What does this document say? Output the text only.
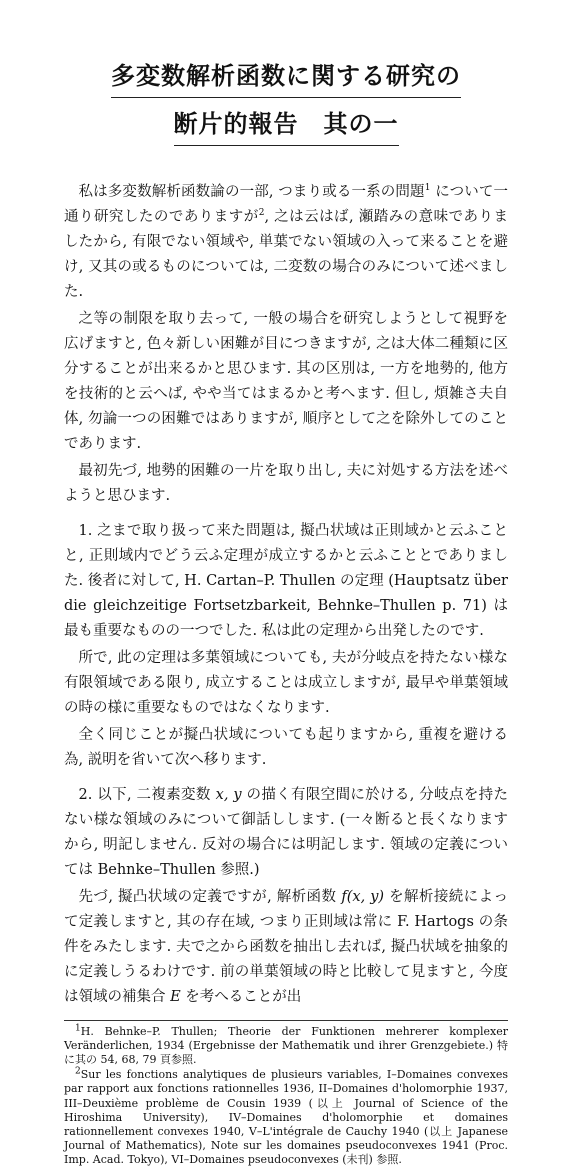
多変数解析函数に関する研究の
断片的報告　其の一

私は多変数解析函数論の一部, つまり或る一系の問題$^1$ について一通り研究したのでありますが$^2$, 之は云はば, 瀬踏みの意味でありましたから, 有限でない領域や, 単葉でない領域の入って来ることを避け, 又其の或るものについては, 二変数の場合のみについて述べました.

之等の制限を取り去って, 一般の場合を研究しようとして視野を広げますと, 色々新しい困難が目につきますが, 之は大体二種類に区分することが出来るかと思ひます. 其の区別は, 一方を地勢的, 他方を技術的と云へば, やや当てはまるかと考へます. 但し, 煩雑さ夫自体, 勿論一つの困難ではありますが, 順序として之を除外してのことであります.

最初先づ, 地勢的困難の一片を取り出し, 夫に対処する方法を述べようと思ひます.

1. 之まで取り扱って来た問題は, 擬凸状域は正則域かと云ふことと, 正則域内でどう云ふ定理が成立するかと云ふこととでありました. 後者に対して, H. Cartan–P. Thullen の定理 (Hauptsatz über die gleichzeitige Fortsetzbarkeit, Behnke–Thullen p. 71) は最も重要なものの一つでした. 私は此の定理から出発したのです.

所で, 此の定理は多葉領域についても, 夫が分岐点を持たない様な有限領域である限り, 成立することは成立しますが, 最早や単葉領域の時の様に重要なものではなくなります.

全く同じことが擬凸状域についても起りますから, 重複を避ける為, 説明を省いて次へ移ります.

2. 以下, 二複素変数 x, y の描く有限空間に於ける, 分岐点を持たない様な領域のみについて御話しします. (一々断ると長くなりますから, 明記しません. 反対の場合には明記します. 領域の定義については Behnke–Thullen 参照.)

先づ, 擬凸状域の定義ですが, 解析函数 f(x, y) を解析接続によって定義しますと, 其の存在域, つまり正則域は常に F. Hartogs の条件をみたします. 夫で之から函数を抽出し去れば, 擬凸状域を抽象的に定義しうるわけです. 前の単葉領域の時と比較して見ますと, 今度は領域の補集合 E を考へることが出

$^1$H. Behnke–P. Thullen; Theorie der Funktionen mehrerer komplexer Veränderlichen, 1934 (Ergebnisse der Mathematik und ihrer Grenzgebiete.) 特に其の 54, 68, 79 頁参照.

$^2$Sur les fonctions analytiques de plusieurs variables, I–Domaines convexes par rapport aux fonctions rationnelles 1936, II–Domaines d'holomorphie 1937, III–Deuxième problème de Cousin 1939 (以上 Journal of Science of the Hiroshima University), IV–Domaines d'holomorphie et domaines rationnellement convexes 1940, V–L'intégrale de Cauchy 1940 (以上 Japanese Journal of Mathematics), Note sur les domaines pseudoconvexes 1941 (Proc. Imp. Acad. Tokyo), VI–Domaines pseudoconvexes (未刊) 参照.
